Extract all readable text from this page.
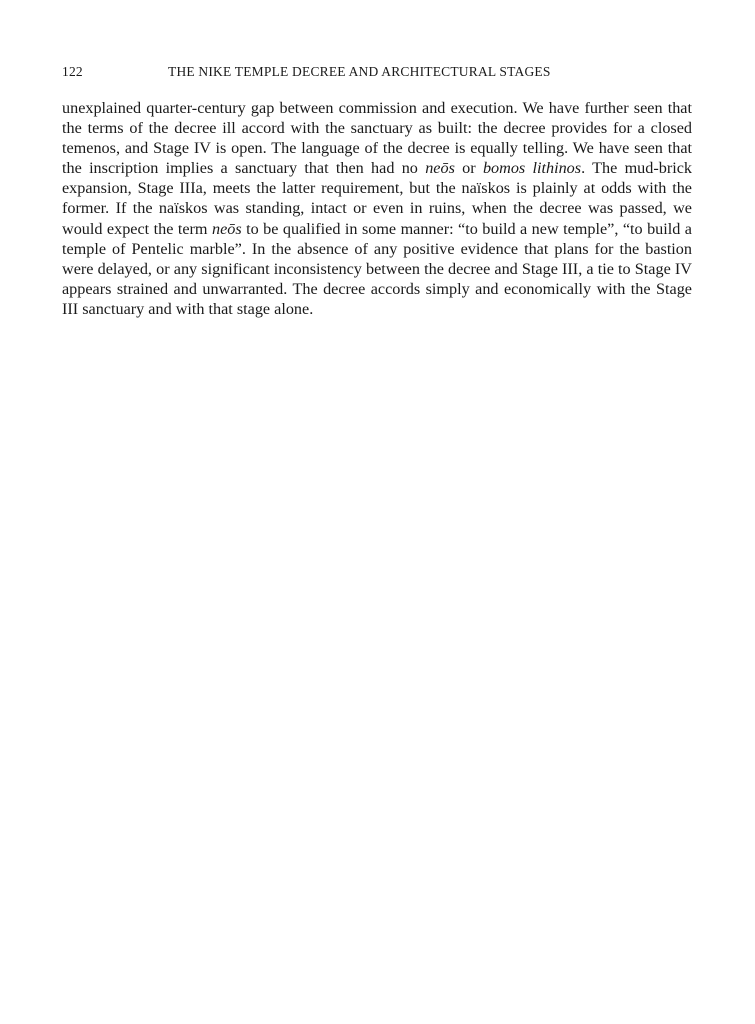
122	THE NIKE TEMPLE DECREE AND ARCHITECTURAL STAGES

unexplained quarter-century gap between commission and execution. We have further seen that the terms of the decree ill accord with the sanctuary as built: the decree provides for a closed temenos, and Stage IV is open. The language of the decree is equally telling. We have seen that the inscription implies a sanctuary that then had no neōs or bomos lithinos. The mud-brick expansion, Stage IIIa, meets the latter requirement, but the naïskos is plainly at odds with the former. If the naïskos was standing, intact or even in ruins, when the decree was passed, we would expect the term neōs to be qualified in some manner: “to build a new temple”, “to build a temple of Pentelic marble”. In the absence of any positive evidence that plans for the bastion were delayed, or any significant inconsistency between the decree and Stage III, a tie to Stage IV appears strained and unwarranted. The decree accords simply and economically with the Stage III sanctuary and with that stage alone.
